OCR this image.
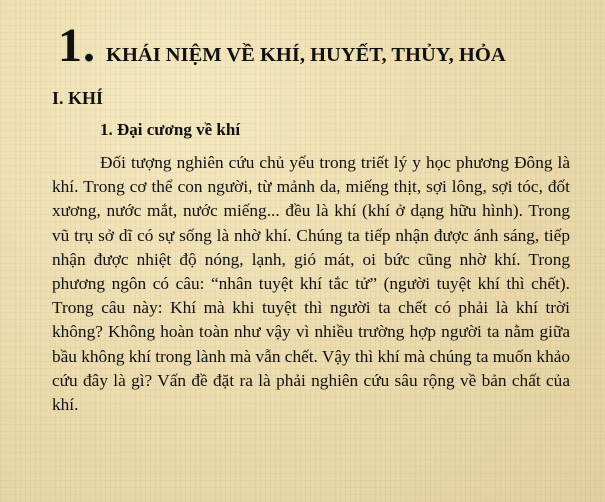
1. KHÁI NIỆM VỀ KHÍ, HUYẾT, THỦY, HỎA
I. KHÍ
1. Đại cương về khí

Đối tượng nghiên cứu chủ yếu trong triết lý y học phương Đông là khí. Trong cơ thể con người, từ mảnh da, miếng thịt, sợi lông, sợi tóc, đốt xương, nước mắt, nước miếng... đều là khí (khí ở dạng hữu hình). Trong vũ trụ sở dĩ có sự sống là nhờ khí. Chúng ta tiếp nhận được ánh sáng, tiếp nhận được nhiệt độ nóng, lạnh, gió mát, oi bức cũng nhờ khí. Trong phương ngôn có câu: “nhân tuyệt khí tắc tử” (người tuyệt khí thì chết). Trong câu này: Khí mà khi tuyệt thì người ta chết có phải là khí trời không? Không hoàn toàn như vậy vì nhiều trường hợp người ta nằm giữa bầu không khí trong lành mà vẫn chết. Vậy thì khí mà chúng ta muốn khảo cứu đây là gì? Vấn đề đặt ra là phải nghiên cứu sâu rộng về bản chất của khí.
